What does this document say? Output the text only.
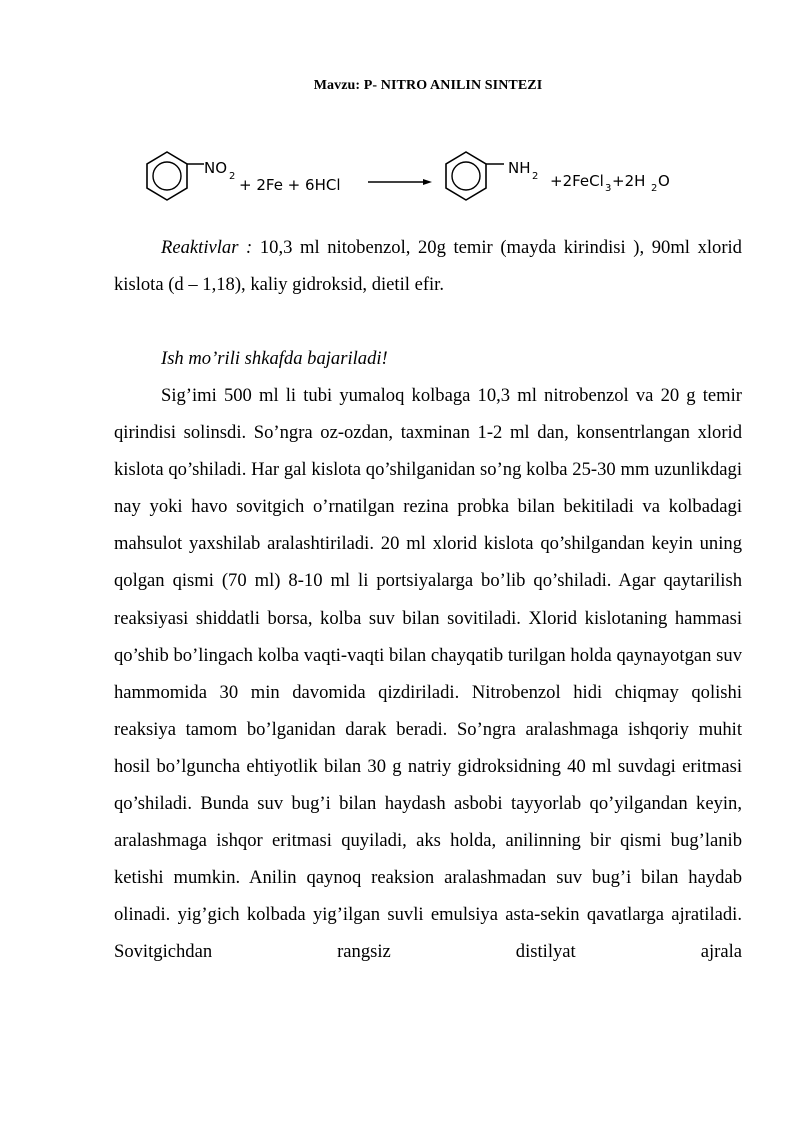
Mavzu: P- NITRO ANILIN SINTEZI
NO 2 + 2Fe + 6HCl
NH 2 +2FeCl 3 +2H 2 O
Reaktivlar : 10,3 ml nitobenzol, 20g temir (mayda kirindisi ), 90ml xlorid kislota (d – 1,18), kaliy gidroksid, dietil efir.
Ish mo’rili shkafda bajariladi!
Sig’imi 500 ml li tubi yumaloq kolbaga 10,3 ml nitrobenzol va 20 g temir qirindisi solinsdi. So’ngra oz-ozdan, taxminan 1-2 ml dan, konsentrlangan xlorid kislota qo’shiladi. Har gal kislota qo’shilganidan so’ng kolba 25-30 mm uzunlikdagi nay yoki havo sovitgich o’rnatilgan rezina probka bilan bekitiladi va kolbadagi mahsulot yaxshilab aralashtiriladi. 20 ml xlorid kislota qo’shilgandan keyin uning qolgan qismi (70 ml) 8-10 ml li portsiyalarga bo’lib qo’shiladi. Agar qaytarilish reaksiyasi shiddatli borsa, kolba suv bilan sovitiladi. Xlorid kislotaning hammasi qo’shib bo’lingach kolba vaqti-vaqti bilan chayqatib turilgan holda qaynayotgan suv hammomida 30 min davomida qizdiriladi. Nitrobenzol hidi chiqmay qolishi reaksiya tamom bo’lganidan darak beradi. So’ngra aralashmaga ishqoriy muhit hosil bo’lguncha ehtiyotlik bilan 30 g natriy gidroksidning 40 ml suvdagi eritmasi qo’shiladi. Bunda suv bug’i bilan haydash asbobi tayyorlab qo’yilgandan keyin, aralashmaga ishqor eritmasi quyiladi, aks holda, anilinning bir qismi bug’lanib ketishi mumkin. Anilin qaynoq reaksion aralashmadan suv bug’i bilan haydab olinadi. yig’gich kolbada yig’ilgan suvli emulsiya asta-sekin qavatlarga ajratiladi. Sovitgichdan rangsiz distilyat ajrala
